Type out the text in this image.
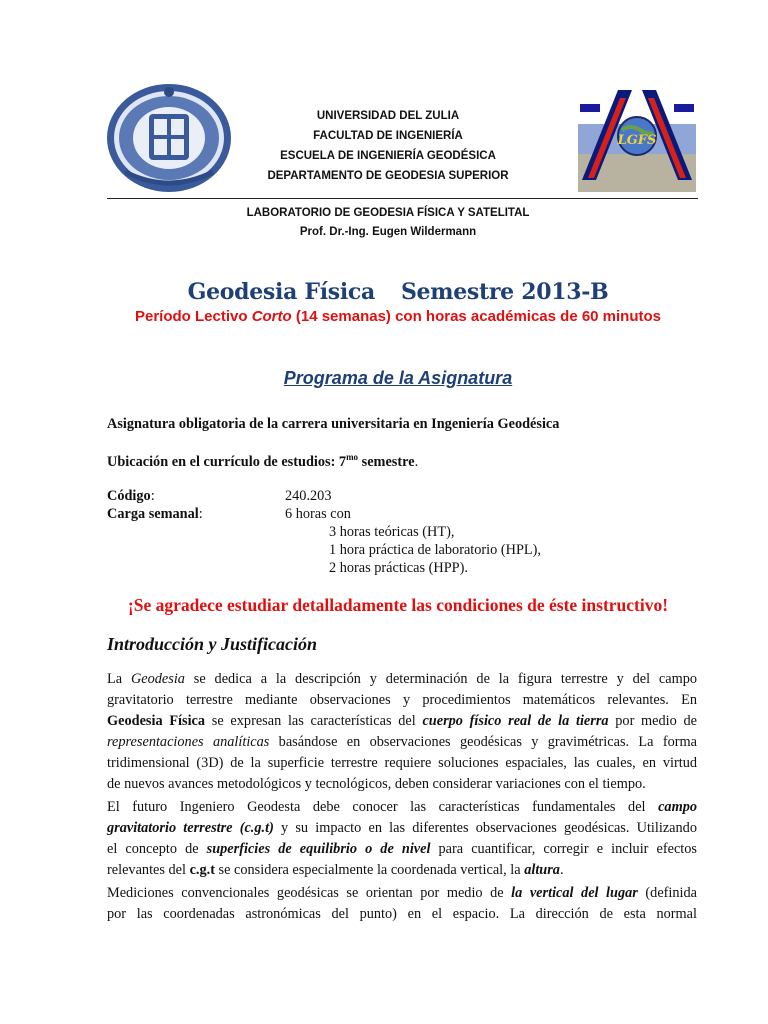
LGFS
UNIVERSIDAD DEL ZULIA
FACULTAD DE INGENIERÍA
ESCUELA DE INGENIERÍA GEODÉSICA
DEPARTAMENTO DE GEODESIA SUPERIOR
LABORATORIO DE GEODESIA FÍSICA Y SATELITAL
Prof. Dr.-Ing. Eugen Wildermann
Geodesia Física Semestre 2013-B
Período Lectivo Corto (14 semanas) con horas académicas de 60 minutos
Programa de la Asignatura
Asignatura obligatoria de la carrera universitaria en Ingeniería Geodésica
Ubicación en el currículo de estudios: $7^{mo}$ semestre.
Código:	240.203
Carga semanal:	6 horas con
3 horas teóricas (HT),
1 hora práctica de laboratorio (HPL),
2 horas prácticas (HPP).
¡Se agradece estudiar detalladamente las condiciones de éste instructivo!
Introducción y Justificación
La Geodesia se dedica a la descripción y determinación de la figura terrestre y del campo
gravitatorio terrestre mediante observaciones y procedimientos matemáticos relevantes. En
Geodesia Física se expresan las características del cuerpo físico real de la tierra por medio de
representaciones analíticas basándose en observaciones geodésicas y gravimétricas. La forma
tridimensional (3D) de la superficie terrestre requiere soluciones espaciales, las cuales, en virtud
de nuevos avances metodológicos y tecnológicos, deben considerar variaciones con el tiempo.
El futuro Ingeniero Geodesta debe conocer las características fundamentales del campo
gravitatorio terrestre (c.g.t) y su impacto en las diferentes observaciones geodésicas. Utilizando
el concepto de superficies de equilibrio o de nivel para cuantificar, corregir e incluir efectos
relevantes del c.g.t se considera especialmente la coordenada vertical, la altura.
Mediciones convencionales geodésicas se orientan por medio de la vertical del lugar (definida
por las coordenadas astronómicas del punto) en el espacio. La dirección de esta normal
